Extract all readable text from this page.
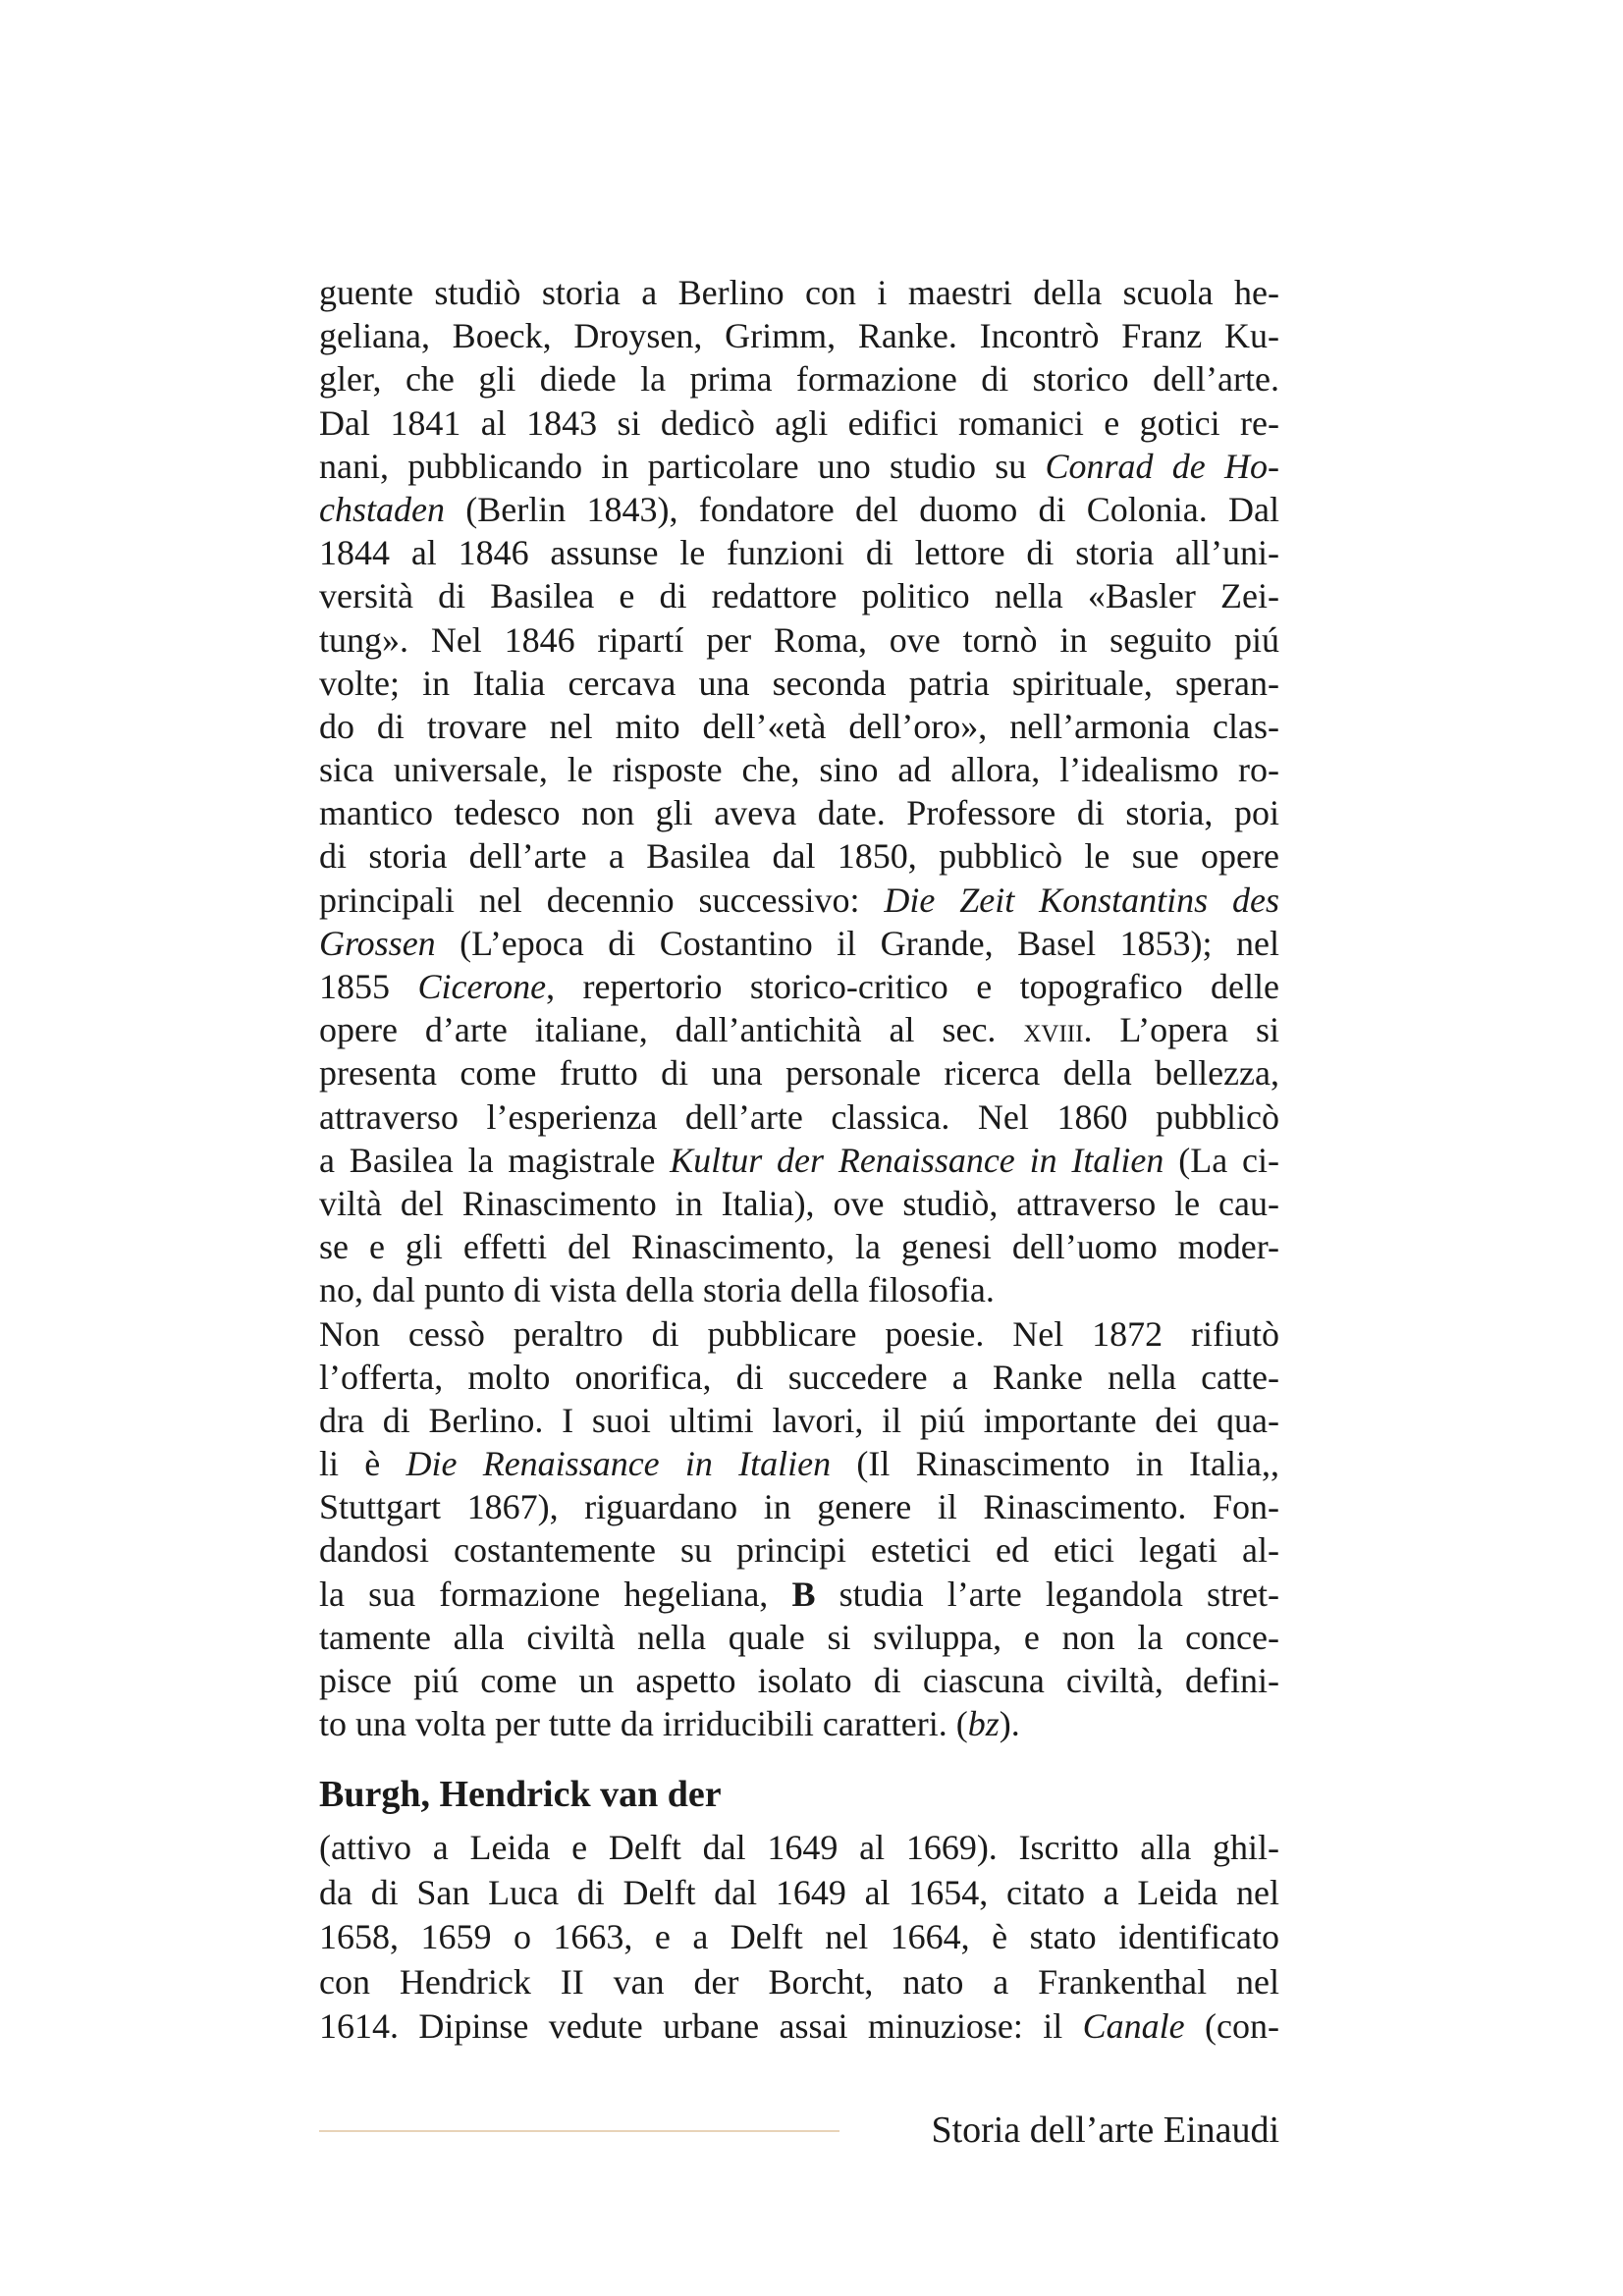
guente studiò storia a Berlino con i maestri della scuola he-
geliana, Boeck, Droysen, Grimm, Ranke. Incontrò Franz Ku-
gler, che gli diede la prima formazione di storico dell’arte.
Dal 1841 al 1843 si dedicò agli edifici romanici e gotici re-
nani, pubblicando in particolare uno studio su Conrad de Ho-
chstaden (Berlin 1843), fondatore del duomo di Colonia. Dal
1844 al 1846 assunse le funzioni di lettore di storia all’uni-
versità di Basilea e di redattore politico nella «Basler Zei-
tung». Nel 1846 ripartí per Roma, ove tornò in seguito piú
volte; in Italia cercava una seconda patria spirituale, speran-
do di trovare nel mito dell’«età dell’oro», nell’armonia clas-
sica universale, le risposte che, sino ad allora, l’idealismo ro-
mantico tedesco non gli aveva date. Professore di storia, poi
di storia dell’arte a Basilea dal 1850, pubblicò le sue opere
principali nel decennio successivo: Die Zeit Konstantins des
Grossen (L’epoca di Costantino il Grande, Basel 1853); nel
1855 Cicerone, repertorio storico-critico e topografico delle
opere d’arte italiane, dall’antichità al sec. xviii. L’opera si
presenta come frutto di una personale ricerca della bellezza,
attraverso l’esperienza dell’arte classica. Nel 1860 pubblicò
a Basilea la magistrale Kultur der Renaissance in Italien (La ci-
viltà del Rinascimento in Italia), ove studiò, attraverso le cau-
se e gli effetti del Rinascimento, la genesi dell’uomo moder-
no, dal punto di vista della storia della filosofia.
Non cessò peraltro di pubblicare poesie. Nel 1872 rifiutò
l’offerta, molto onorifica, di succedere a Ranke nella catte-
dra di Berlino. I suoi ultimi lavori, il piú importante dei qua-
li è Die Renaissance in Italien (Il Rinascimento in Italia,,
Stuttgart 1867), riguardano in genere il Rinascimento. Fon-
dandosi costantemente su principi estetici ed etici legati al-
la sua formazione hegeliana, B studia l’arte legandola stret-
tamente alla civiltà nella quale si sviluppa, e non la conce-
pisce piú come un aspetto isolato di ciascuna civiltà, defini-
to una volta per tutte da irriducibili caratteri. (bz).
Burgh, Hendrick van der
(attivo a Leida e Delft dal 1649 al 1669). Iscritto alla ghil-
da di San Luca di Delft dal 1649 al 1654, citato a Leida nel
1658, 1659 o 1663, e a Delft nel 1664, è stato identificato
con Hendrick II van der Borcht, nato a Frankenthal nel
1614. Dipinse vedute urbane assai minuziose: il Canale (con-
Storia dell’arte Einaudi
